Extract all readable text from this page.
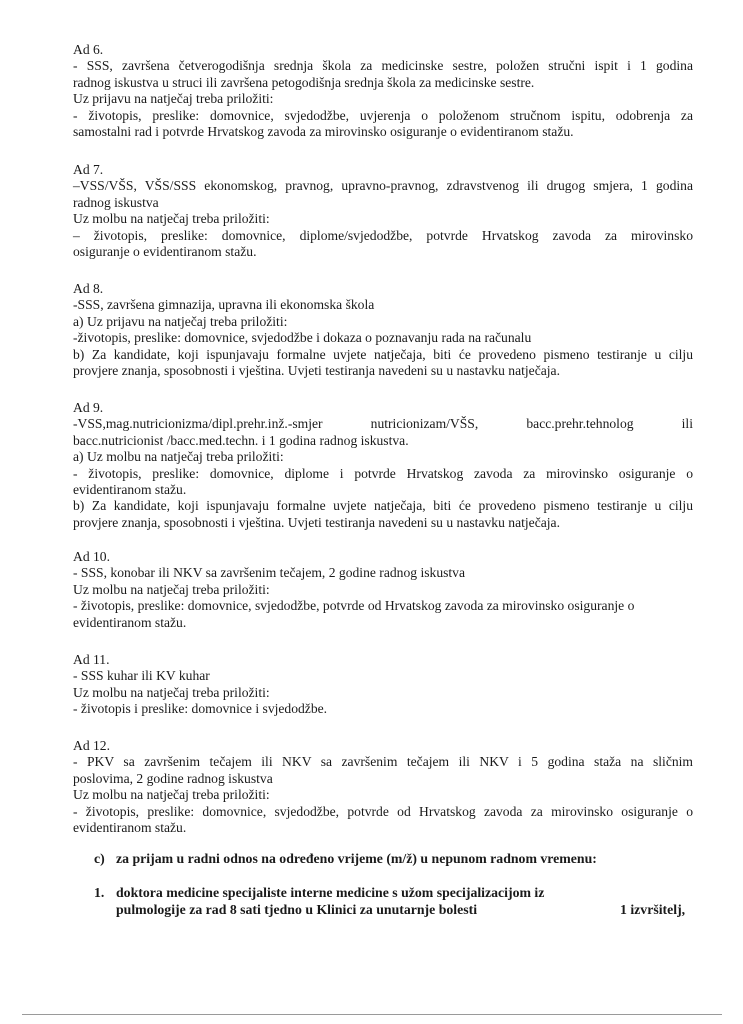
Ad 6.

- SSS, završena četverogodišnja srednja škola za medicinske sestre, položen stručni ispit i 1 godina

radnog iskustva u struci ili završena petogodišnja srednja škola za medicinske sestre.

Uz prijavu na natječaj treba priložiti:

- životopis, preslike: domovnice, svjedodžbe, uvjerenja o položenom stručnom ispitu, odobrenja za

samostalni rad i potvrde Hrvatskog zavoda za mirovinsko osiguranje o evidentiranom stažu.

Ad 7.

–VSS/VŠS, VŠS/SSS ekonomskog, pravnog, upravno-pravnog, zdravstvenog ili drugog smjera, 1 godina

radnog iskustva

Uz molbu na natječaj treba priložiti:

– životopis, preslike: domovnice, diplome/svjedodžbe, potvrde Hrvatskog zavoda za mirovinsko

osiguranje o evidentiranom stažu.

Ad 8.

-SSS, završena gimnazija, upravna ili ekonomska škola

a) Uz prijavu na natječaj treba priložiti:

-životopis, preslike: domovnice, svjedodžbe i dokaza o poznavanju rada na računalu

b) Za kandidate, koji ispunjavaju formalne uvjete natječaja, biti će provedeno pismeno testiranje u cilju

provjere znanja, sposobnosti i vještina. Uvjeti testiranja navedeni su u nastavku natječaja.

Ad 9.

-VSS,mag.nutricionizma/dipl.prehr.inž.-smjer nutricionizam/VŠS, bacc.prehr.tehnolog ili

bacc.nutricionist /bacc.med.techn. i 1 godina radnog iskustva.

a) Uz molbu na natječaj treba priložiti:

- životopis, preslike: domovnice, diplome i potvrde Hrvatskog zavoda za mirovinsko osiguranje o

evidentiranom stažu.

b) Za kandidate, koji ispunjavaju formalne uvjete natječaja, biti će provedeno pismeno testiranje u cilju

provjere znanja, sposobnosti i vještina. Uvjeti testiranja navedeni su u nastavku natječaja.

Ad 10.

- SSS, konobar ili NKV sa završenim tečajem, 2 godine radnog iskustva

Uz molbu na natječaj treba priložiti:

- životopis, preslike: domovnice, svjedodžbe, potvrde od Hrvatskog zavoda za mirovinsko osiguranje o

evidentiranom stažu.

Ad 11.

- SSS kuhar ili KV kuhar

Uz molbu na natječaj treba priložiti:

- životopis i preslike: domovnice i svjedodžbe.

Ad 12.

- PKV sa završenim tečajem ili NKV sa završenim tečajem ili NKV i 5 godina staža na sličnim

poslovima, 2 godine radnog iskustva

Uz molbu na natječaj treba priložiti:

- životopis, preslike: domovnice, svjedodžbe, potvrde od Hrvatskog zavoda za mirovinsko osiguranje o

evidentiranom stažu.

c) za prijam u radni odnos na određeno vrijeme (m/ž) u nepunom radnom vremenu:
1. doktora medicine specijaliste interne medicine s užom specijalizacijom iz
pulmologije za rad 8 sati tjedno u Klinici za unutarnje bolesti	1 izvršitelj,
